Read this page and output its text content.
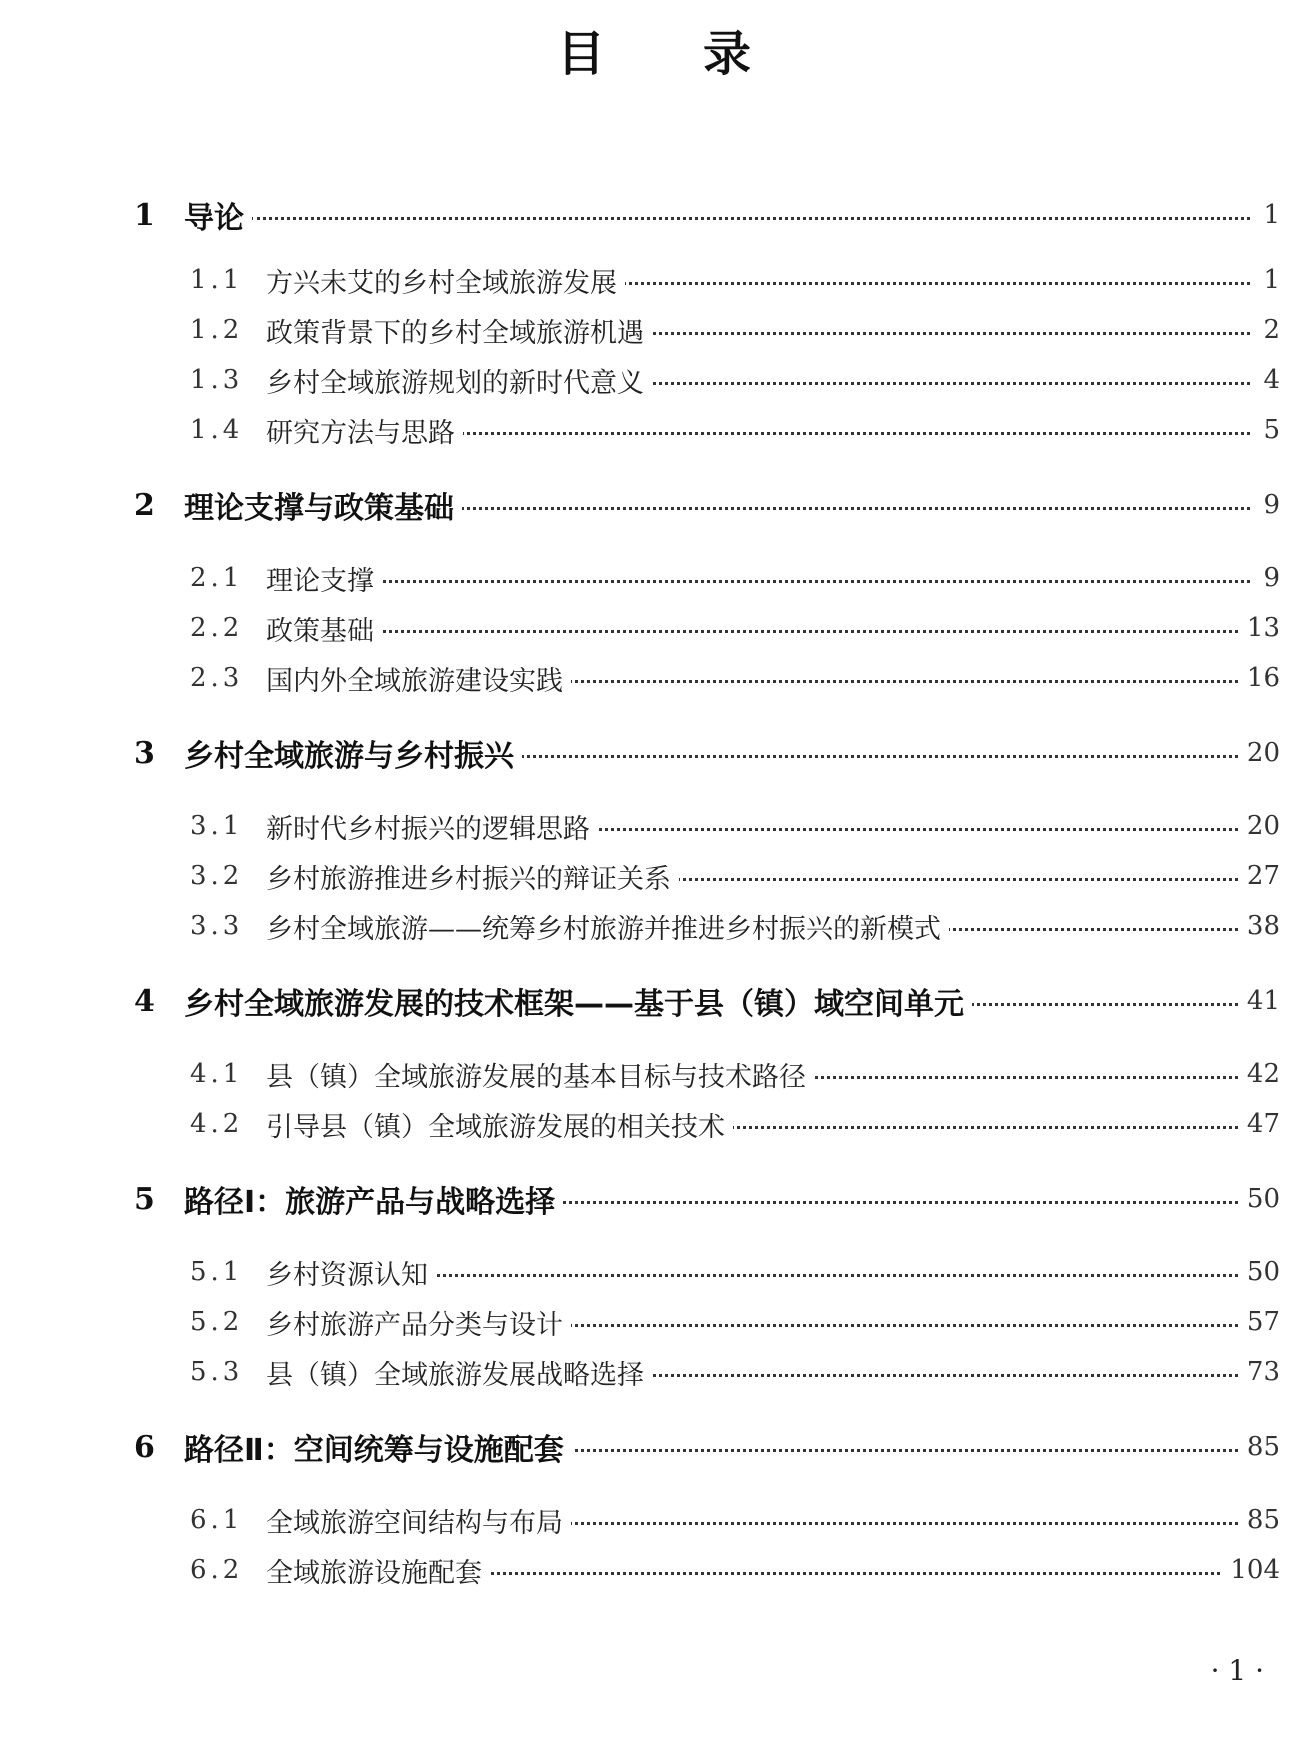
目 录
1 导论	1
1.1 方兴未艾的乡村全域旅游发展	1
1.2 政策背景下的乡村全域旅游机遇	2
1.3 乡村全域旅游规划的新时代意义	4
1.4 研究方法与思路	5
2 理论支撑与政策基础	9
2.1 理论支撑	9
2.2 政策基础	13
2.3 国内外全域旅游建设实践	16
3 乡村全域旅游与乡村振兴	20
3.1 新时代乡村振兴的逻辑思路	20
3.2 乡村旅游推进乡村振兴的辩证关系	27
3.3 乡村全域旅游——统筹乡村旅游并推进乡村振兴的新模式	38
4 乡村全域旅游发展的技术框架——基于县（镇）域空间单元	41
4.1 县（镇）全域旅游发展的基本目标与技术路径	42
4.2 引导县（镇）全域旅游发展的相关技术	47
5 路径Ⅰ：旅游产品与战略选择	50
5.1 乡村资源认知	50
5.2 乡村旅游产品分类与设计	57
5.3 县（镇）全域旅游发展战略选择	73
6 路径Ⅱ：空间统筹与设施配套	85
6.1 全域旅游空间结构与布局	85
6.2 全域旅游设施配套	104
· 1 ·
